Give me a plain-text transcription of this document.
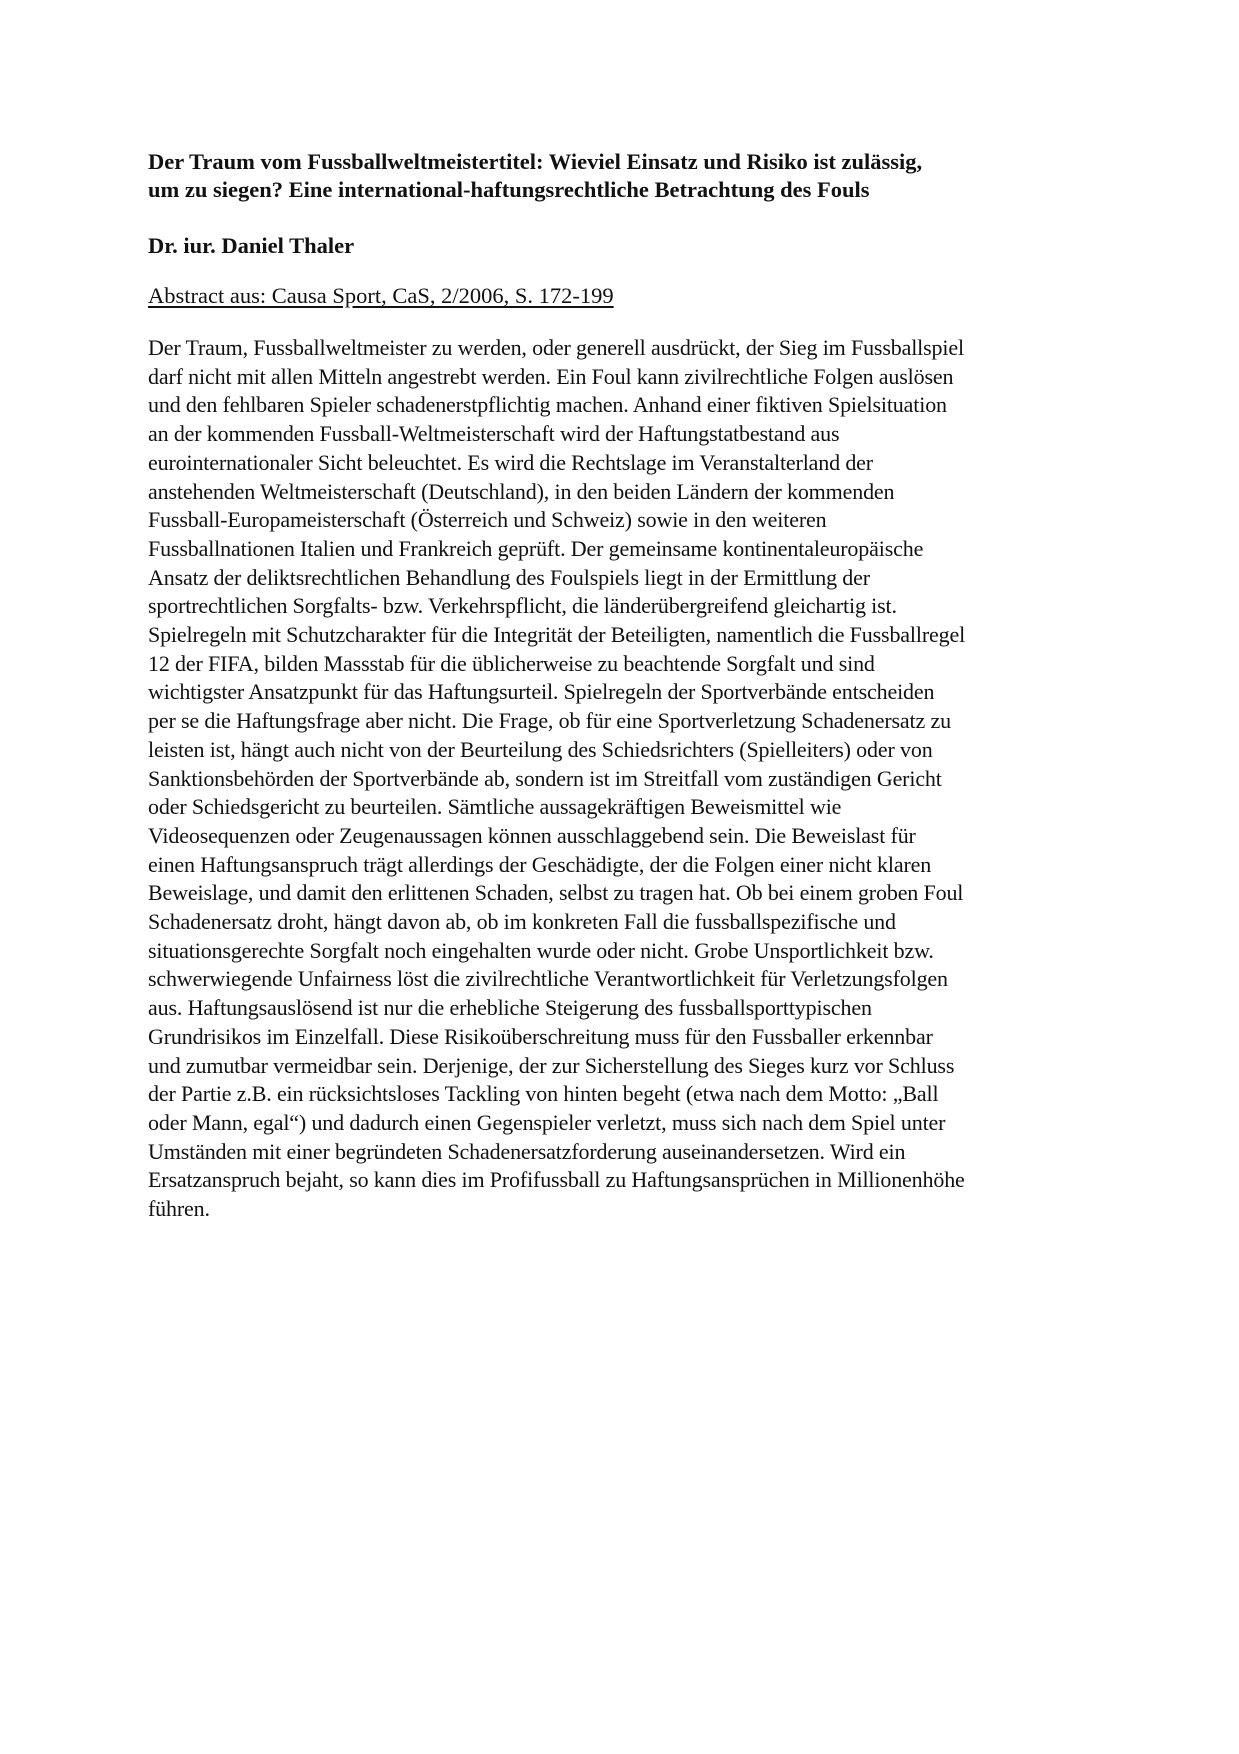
Der Traum vom Fussballweltmeistertitel: Wieviel Einsatz und Risiko ist zulässig,
um zu siegen? Eine international-haftungsrechtliche Betrachtung des Fouls

Dr. iur. Daniel Thaler

Abstract aus: Causa Sport, CaS, 2/2006, S. 172-199

Der Traum, Fussballweltmeister zu werden, oder generell ausdrückt, der Sieg im Fussballspiel
darf nicht mit allen Mitteln angestrebt werden. Ein Foul kann zivilrechtliche Folgen auslösen
und den fehlbaren Spieler schadenerstpflichtig machen. Anhand einer fiktiven Spielsituation
an der kommenden Fussball-Weltmeisterschaft wird der Haftungstatbestand aus
eurointernationaler Sicht beleuchtet. Es wird die Rechtslage im Veranstalterland der
anstehenden Weltmeisterschaft (Deutschland), in den beiden Ländern der kommenden
Fussball-Europameisterschaft (Österreich und Schweiz) sowie in den weiteren
Fussballnationen Italien und Frankreich geprüft. Der gemeinsame kontinentaleuropäische
Ansatz der deliktsrechtlichen Behandlung des Foulspiels liegt in der Ermittlung der
sportrechtlichen Sorgfalts- bzw. Verkehrspflicht, die länderübergreifend gleichartig ist.
Spielregeln mit Schutzcharakter für die Integrität der Beteiligten, namentlich die Fussballregel
12 der FIFA, bilden Massstab für die üblicherweise zu beachtende Sorgfalt und sind
wichtigster Ansatzpunkt für das Haftungsurteil. Spielregeln der Sportverbände entscheiden
per se die Haftungsfrage aber nicht. Die Frage, ob für eine Sportverletzung Schadenersatz zu
leisten ist, hängt auch nicht von der Beurteilung des Schiedsrichters (Spielleiters) oder von
Sanktionsbehörden der Sportverbände ab, sondern ist im Streitfall vom zuständigen Gericht
oder Schiedsgericht zu beurteilen. Sämtliche aussagekräftigen Beweismittel wie
Videosequenzen oder Zeugenaussagen können ausschlaggebend sein. Die Beweislast für
einen Haftungsanspruch trägt allerdings der Geschädigte, der die Folgen einer nicht klaren
Beweislage, und damit den erlittenen Schaden, selbst zu tragen hat. Ob bei einem groben Foul
Schadenersatz droht, hängt davon ab, ob im konkreten Fall die fussballspezifische und
situationsgerechte Sorgfalt noch eingehalten wurde oder nicht. Grobe Unsportlichkeit bzw.
schwerwiegende Unfairness löst die zivilrechtliche Verantwortlichkeit für Verletzungsfolgen
aus. Haftungsauslösend ist nur die erhebliche Steigerung des fussballsporttypischen
Grundrisikos im Einzelfall. Diese Risikoüberschreitung muss für den Fussballer erkennbar
und zumutbar vermeidbar sein. Derjenige, der zur Sicherstellung des Sieges kurz vor Schluss
der Partie z.B. ein rücksichtsloses Tackling von hinten begeht (etwa nach dem Motto: „Ball
oder Mann, egal“) und dadurch einen Gegenspieler verletzt, muss sich nach dem Spiel unter
Umständen mit einer begründeten Schadenersatzforderung auseinandersetzen. Wird ein
Ersatzanspruch bejaht, so kann dies im Profifussball zu Haftungsansprüchen in Millionenhöhe
führen.
